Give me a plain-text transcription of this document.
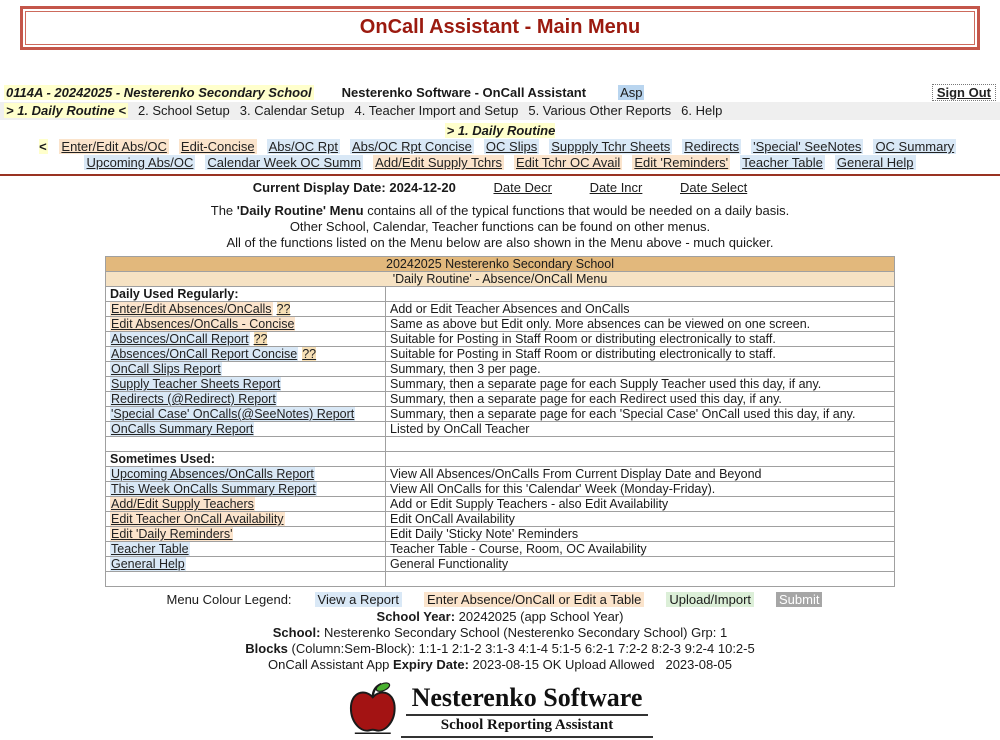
OnCall Assistant - Main Menu
0114A - 20242025 - Nesterenko Secondary School Nesterenko Software - OnCall Assistant	Asp	Sign Out
> 1. Daily Routine < 2. School Setup 3. Calendar Setup 4. Teacher Import and Setup 5. Various Other Reports 6. Help
> 1. Daily Routine < Enter/Edit Abs/OC Edit-Concise Abs/OC Rpt Abs/OC Rpt Concise OC Slips Suppply Tchr Sheets Redirects 'Special' SeeNotes OC Summary
Upcoming Abs/OC Calendar Week OC Summ Add/Edit Supply Tchrs Edit Tchr OC Avail Edit 'Reminders' Teacher Table General Help
Current Display Date: 2024-12-20	Date Decr	Date Incr	Date Select
The 'Daily Routine' Menu contains all of the typical functions that would be needed on a daily basis.
Other School, Calendar, Teacher functions can be found on other menus.
All of the functions listed on the Menu below are also shown in the Menu above - much quicker.
20242025 Nesterenko Secondary School	
'Daily Routine' - Absence/OnCall Menu	
Daily Used Regularly:	
Enter/Edit Absences/OnCalls ??	Add or Edit Teacher Absences and OnCalls
Edit Absences/OnCalls - Concise	Same as above but Edit only. More absences can be viewed on one screen.
Absences/OnCall Report ??	Suitable for Posting in Staff Room or distributing electronically to staff.
Absences/OnCall Report Concise ??	Suitable for Posting in Staff Room or distributing electronically to staff.
OnCall Slips Report	Summary, then 3 per page.
Supply Teacher Sheets Report	Summary, then a separate page for each Supply Teacher used this day, if any.
Redirects (@Redirect) Report	Summary, then a separate page for each Redirect used this day, if any.
'Special Case' OnCalls(@SeeNotes) Report	Summary, then a separate page for each 'Special Case' OnCall used this day, if any.
OnCalls Summary Report	Listed by OnCall Teacher

Sometimes Used:	
Upcoming Absences/OnCalls Report	View All Absences/OnCalls From Current Display Date and Beyond
This Week OnCalls Summary Report	View All OnCalls for this 'Calendar' Week (Monday-Friday).
Add/Edit Supply Teachers	Add or Edit Supply Teachers - also Edit Availability
Edit Teacher OnCall Availability	Edit OnCall Availability
Edit 'Daily Reminders'	Edit Daily 'Sticky Note' Reminders
Teacher Table	Teacher Table - Course, Room, OC Availability
General Help	General Functionality

Menu Colour Legend: View a Report Enter Absence/OnCall or Edit a Table Upload/Import Submit
School Year: 20242025 (app School Year)
School: Nesterenko Secondary School (Nesterenko Secondary School) Grp: 1
Blocks (Column:Sem-Block): 1:1-1 2:1-2 3:1-3 4:1-4 5:1-5 6:2-1 7:2-2 8:2-3 9:2-4 10:2-5
OnCall Assistant App Expiry Date: 2023-08-15 OK Upload Allowed   2023-08-05
Nesterenko Software
School Reporting Assistant
